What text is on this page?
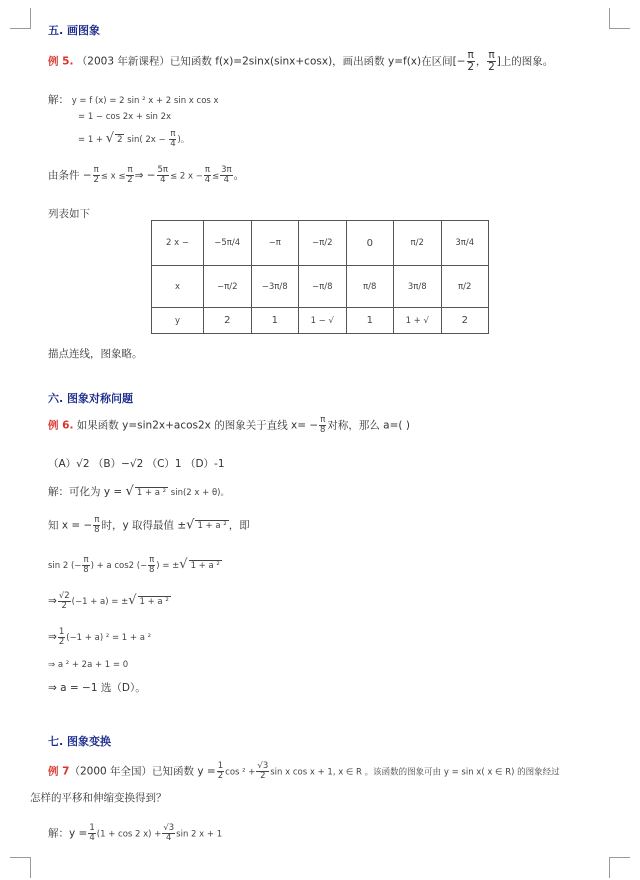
五. 画图象
例 5. （2003 年新课程）已知函数 f(x)=2sinx(sinx+cosx)，画出函数 y=f(x)在区间[− $\frac{\pi}{2}$ ， $\frac{\pi}{2}$ ]上的图象。
解： y = f (x) = 2 sin ² x + 2 sin x cos x
= 1 − cos 2x + sin 2x
= 1 + √ 2 sin( $2x - \frac{\pi}{4}$ )。
由条件 − $\frac{\pi}{2} \le x \le \frac{\pi}{2}$ ⇒ − $\frac{5\pi}{4} \le 2$ $x - \frac{\pi}{4} \le \frac{3\pi}{4}$ 。
列表如下
2 x −	−5π/4	−π	−π/2	0	π/2	3π/4
x	−π/2	−3π/8	−π/8	π/8	3π/8	π/2
y	2	1	1 − √	1	1 + √	2
描点连线，图象略。
六. 图象对称问题
例 6. 如果函数 y=sin2x+acos2x 的图象关于直线 $x= - \frac{\pi}{8}$ 对称，那么 a=( )
（A）√2 （B）−√2 （C）1 （D）-1
解：可化为 y = √ 1 + a ² sin(2 x + θ)。
知 x = − $\frac{\pi}{8}$ 时，y 取得最值 ±√ 1 + a ² ，即
sin 2 (− $\frac{\pi}{8}$ ) + a cos2 (− $\frac{\pi}{8}$ ) = ±√ 1 + a ²
⇒ $\frac{√2}{2} (-1 + a)$ = ±√ 1 + a ²
⇒ $\frac{1}{2} (-1 + a) ^2 = 1 + a$ ²
⇒ a ² + 2a + 1 = 0
⇒ a = −1 选（D）。
七. 图象变换
例 7（2000 年全国）已知函数 $y = \frac{1}{2}$ $\cos ^2 + \frac{√3}{2}$ sin x cos x + 1, x ∈ R 。该函数的图象可由 y = sin x( x ∈ R) 的图象经过
怎样的平移和伸缩变换得到？
解：$y = \frac{1}{4} (1 + \cos 2$ $x) + \frac{√3}{4}$ sin 2 x + 1
